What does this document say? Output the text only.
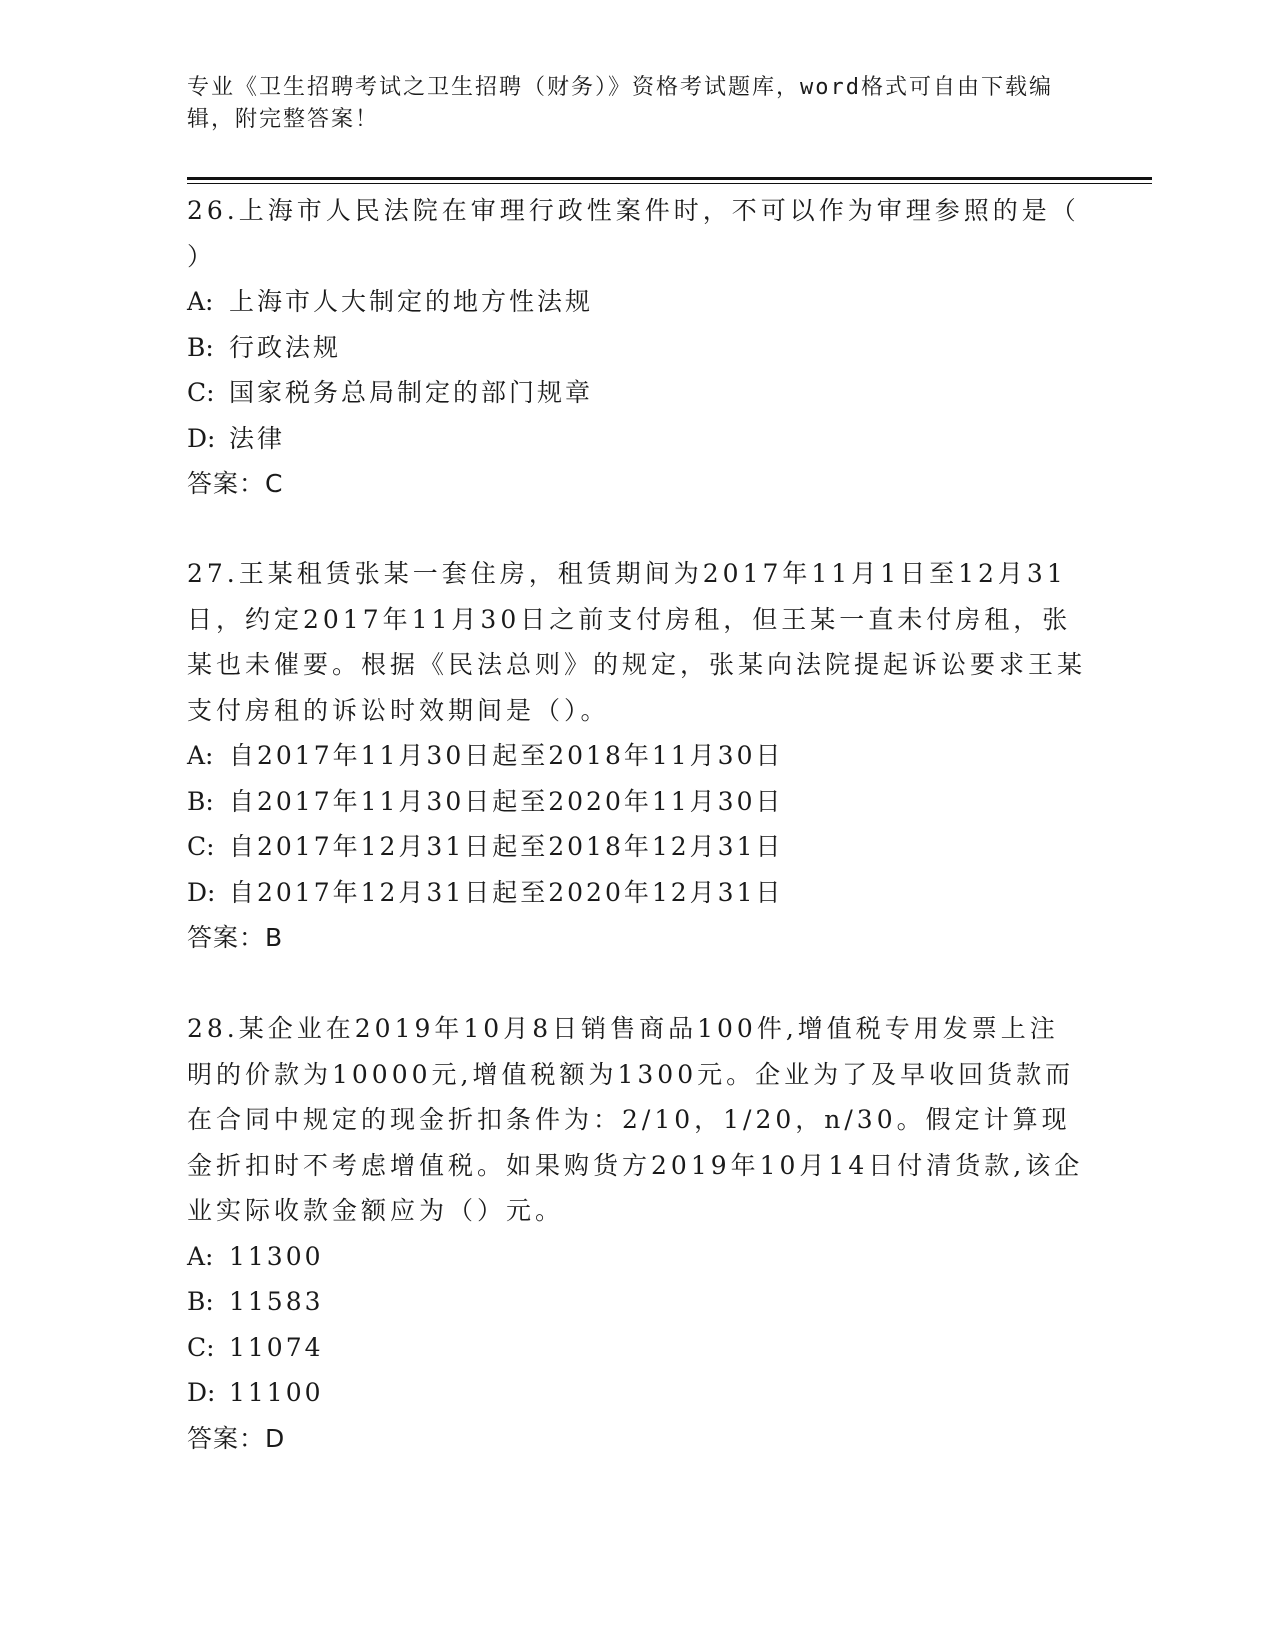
专业《卫生招聘考试之卫生招聘（财务）》资格考试题库，word格式可自由下载编辑，附完整答案！

26.上海市人民法院在审理行政性案件时，不可以作为审理参照的是（ ）

A: 上海市人大制定的地方性法规

B: 行政法规

C: 国家税务总局制定的部门规章

D: 法律

答案：C

27.王某租赁张某一套住房，租赁期间为2017年11月1日至12月31日，约定2017年11月30日之前支付房租，但王某一直未付房租，张某也未催要。根据《民法总则》的规定，张某向法院提起诉讼要求王某支付房租的诉讼时效期间是（）。

A: 自2017年11月30日起至2018年11月30日

B: 自2017年11月30日起至2020年11月30日

C: 自2017年12月31日起至2018年12月31日

D: 自2017年12月31日起至2020年12月31日

答案：B

28.某企业在2019年10月8日销售商品100件,增值税专用发票上注明的价款为10000元,增值税额为1300元。企业为了及早收回货款而在合同中规定的现金折扣条件为：2/10，1/20，n/30。假定计算现金折扣时不考虑增值税。如果购货方2019年10月14日付清货款,该企业实际收款金额应为（）元。

A: 11300

B: 11583

C: 11074

D: 11100

答案：D
